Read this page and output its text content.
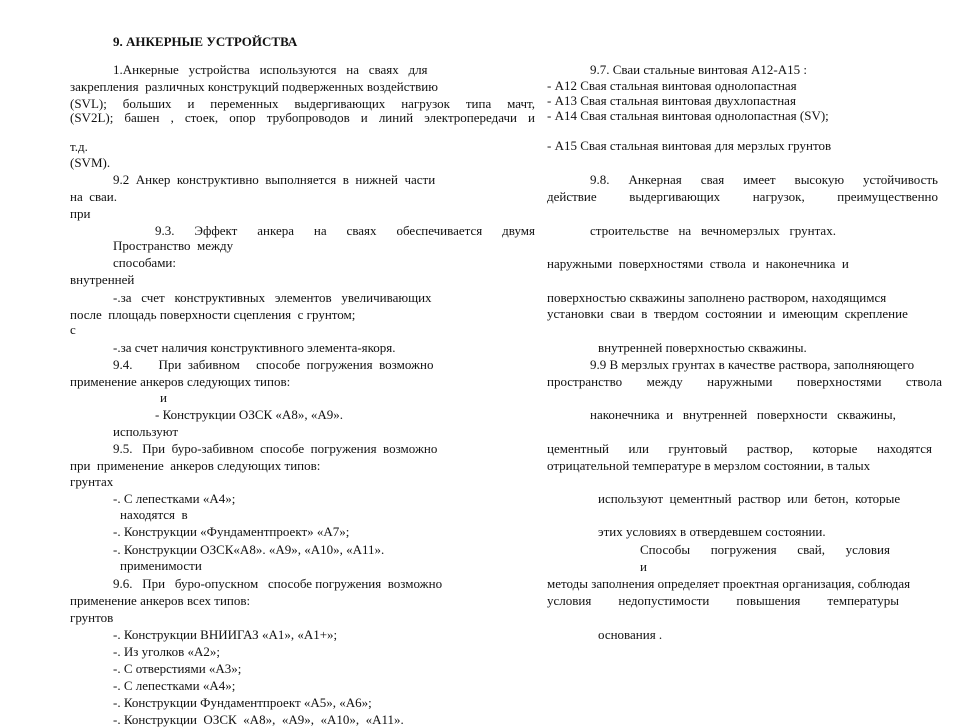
9. АНКЕРНЫЕ УСТРОЙСТВА
1.Анкерные   устройства   используются   на   сваях   для
закрепления  различных конструкций подверженных воздействию
(SVL); больших и переменных выдергивающих нагрузок типа мачт,
(SV2L); башен , стоек, опор трубопроводов и линий электропередачи и
т.д.
(SVM).
9.2  Анкер  конструктивно  выполняется  в  нижней  части
на  сваи.
при
9.3. Эффект анкера на сваях обеспечивается двумя
Пространство  между
способами:
внутренней
-.за   счет   конструктивных   элементов   увеличивающих
после  площадь поверхности сцепления  с грунтом;
с
-.за счет наличия конструктивного элемента-якоря.
9.4.        При  забивном     способе  погружения  возможно
применение анкеров следующих типов:
и
- Конструкции ОЗСК «А8», «А9».
используют
9.5.   При  буро-забивном  способе  погружения  возможно
при  применение  анкеров следующих типов:
грунтах
-. С лепестками «А4»;
находятся  в
-. Конструкции «Фундаментпроект» «А7»;
-. Конструкции ОЗСК«А8». «А9», «А10», «А11».
применимости
9.6.   При   буро-опускном   способе погружения  возможно
применение анкеров всех типов:
грунтов
-. Конструкции ВНИИГАЗ «А1», «А1+»;
-. Из уголков «А2»;
-. С отверстиями «А3»;
-. С лепестками «А4»;
-. Конструкции Фундаментпроект «А5», «А6»;
-. Конструкции  ОЗСК  «А8»,  «А9»,  «А10»,  «А11».
9.7. Сваи стальные винтовая А12-А15 :
- А12 Свая стальная винтовая однолопастная
- А13 Свая стальная винтовая двухлопастная
- А14 Свая стальная винтовая однолопастная (SV);
- А15 Свая стальная винтовая для мерзлых грунтов
9.8. Анкерная свая имеет высокую устойчивость
действие выдергивающих нагрузок, преимущественно
строительстве   на   вечномерзлых   грунтах.
наружными  поверхностями  ствола  и  наконечника  и
поверхностью скважины заполнено раствором, находящимся
установки  сваи  в  твердом  состоянии  и  имеющим  скрепление
внутренней поверхностью скважины.
9.9 В мерзлых грунтах в качестве раствора, заполняющего
пространство между наружными поверхностями ствола
наконечника  и   внутренней   поверхности   скважины,
цементный или грунтовый раствор, которые находятся
отрицательной температуре в мерзлом состоянии, в талых
используют  цементный  раствор  или  бетон,  которые
этих условиях в отвердевшем состоянии.
Способы погружения свай, условия
и
методы заполнения определяет проектная организация, соблюдая
условия недопустимости повышения температуры
основания .
